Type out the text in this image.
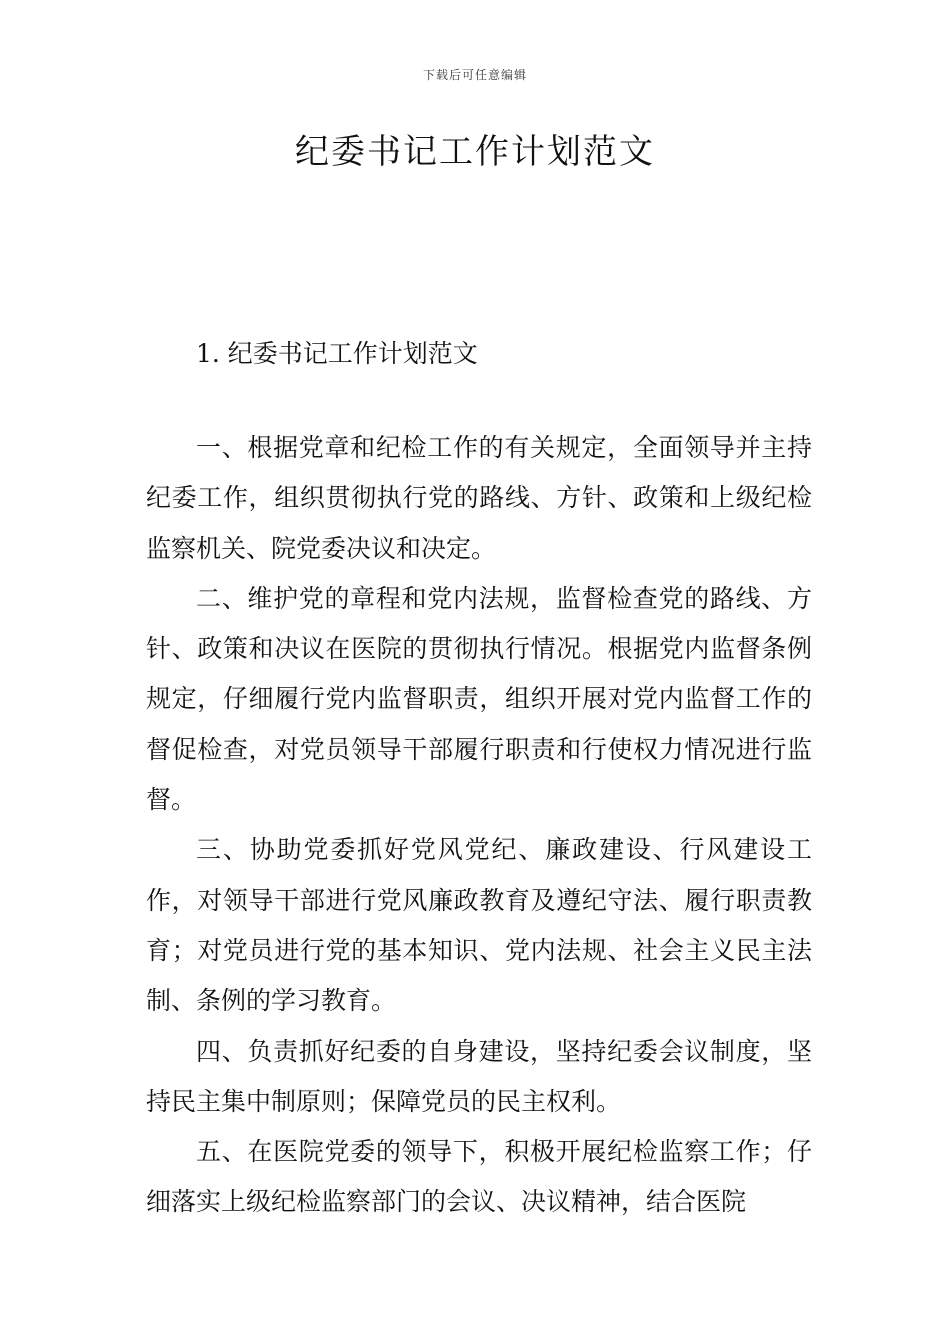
下载后可任意编辑
纪委书记工作计划范文
1. 纪委书记工作计划范文

一、根据党章和纪检工作的有关规定，全面领导并主持纪委工作，组织贯彻执行党的路线、方针、政策和上级纪检监察机关、院党委决议和决定。

二、维护党的章程和党内法规，监督检查党的路线、方针、政策和决议在医院的贯彻执行情况。根据党内监督条例规定，仔细履行党内监督职责，组织开展对党内监督工作的督促检查，对党员领导干部履行职责和行使权力情况进行监督。

三、协助党委抓好党风党纪、廉政建设、行风建设工作，对领导干部进行党风廉政教育及遵纪守法、履行职责教育；对党员进行党的基本知识、党内法规、社会主义民主法制、条例的学习教育。

四、负责抓好纪委的自身建设，坚持纪委会议制度，坚持民主集中制原则；保障党员的民主权利。

五、在医院党委的领导下，积极开展纪检监察工作；仔细落实上级纪检监察部门的会议、决议精神，结合医院
